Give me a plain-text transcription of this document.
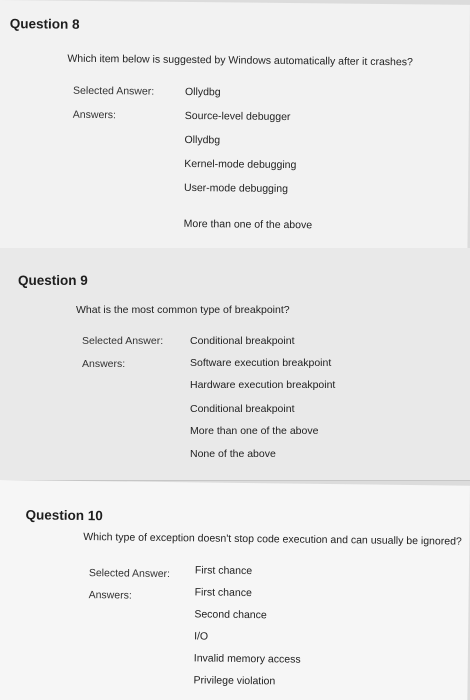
Question 8
Which item below is suggested by Windows automatically after it crashes?
Selected Answer:	Ollydbg
Answers:	Source-level debugger
Ollydbg
Kernel-mode debugging
User-mode debugging
More than one of the above
Question 9
What is the most common type of breakpoint?
Selected Answer:	Conditional breakpoint
Answers:	Software execution breakpoint
Hardware execution breakpoint
Conditional breakpoint
More than one of the above
None of the above
Question 10
Which type of exception doesn't stop code execution and can usually be ignored?
Selected Answer: First chance
Answers:	First chance
Second chance
I/O
Invalid memory access
Privilege violation
